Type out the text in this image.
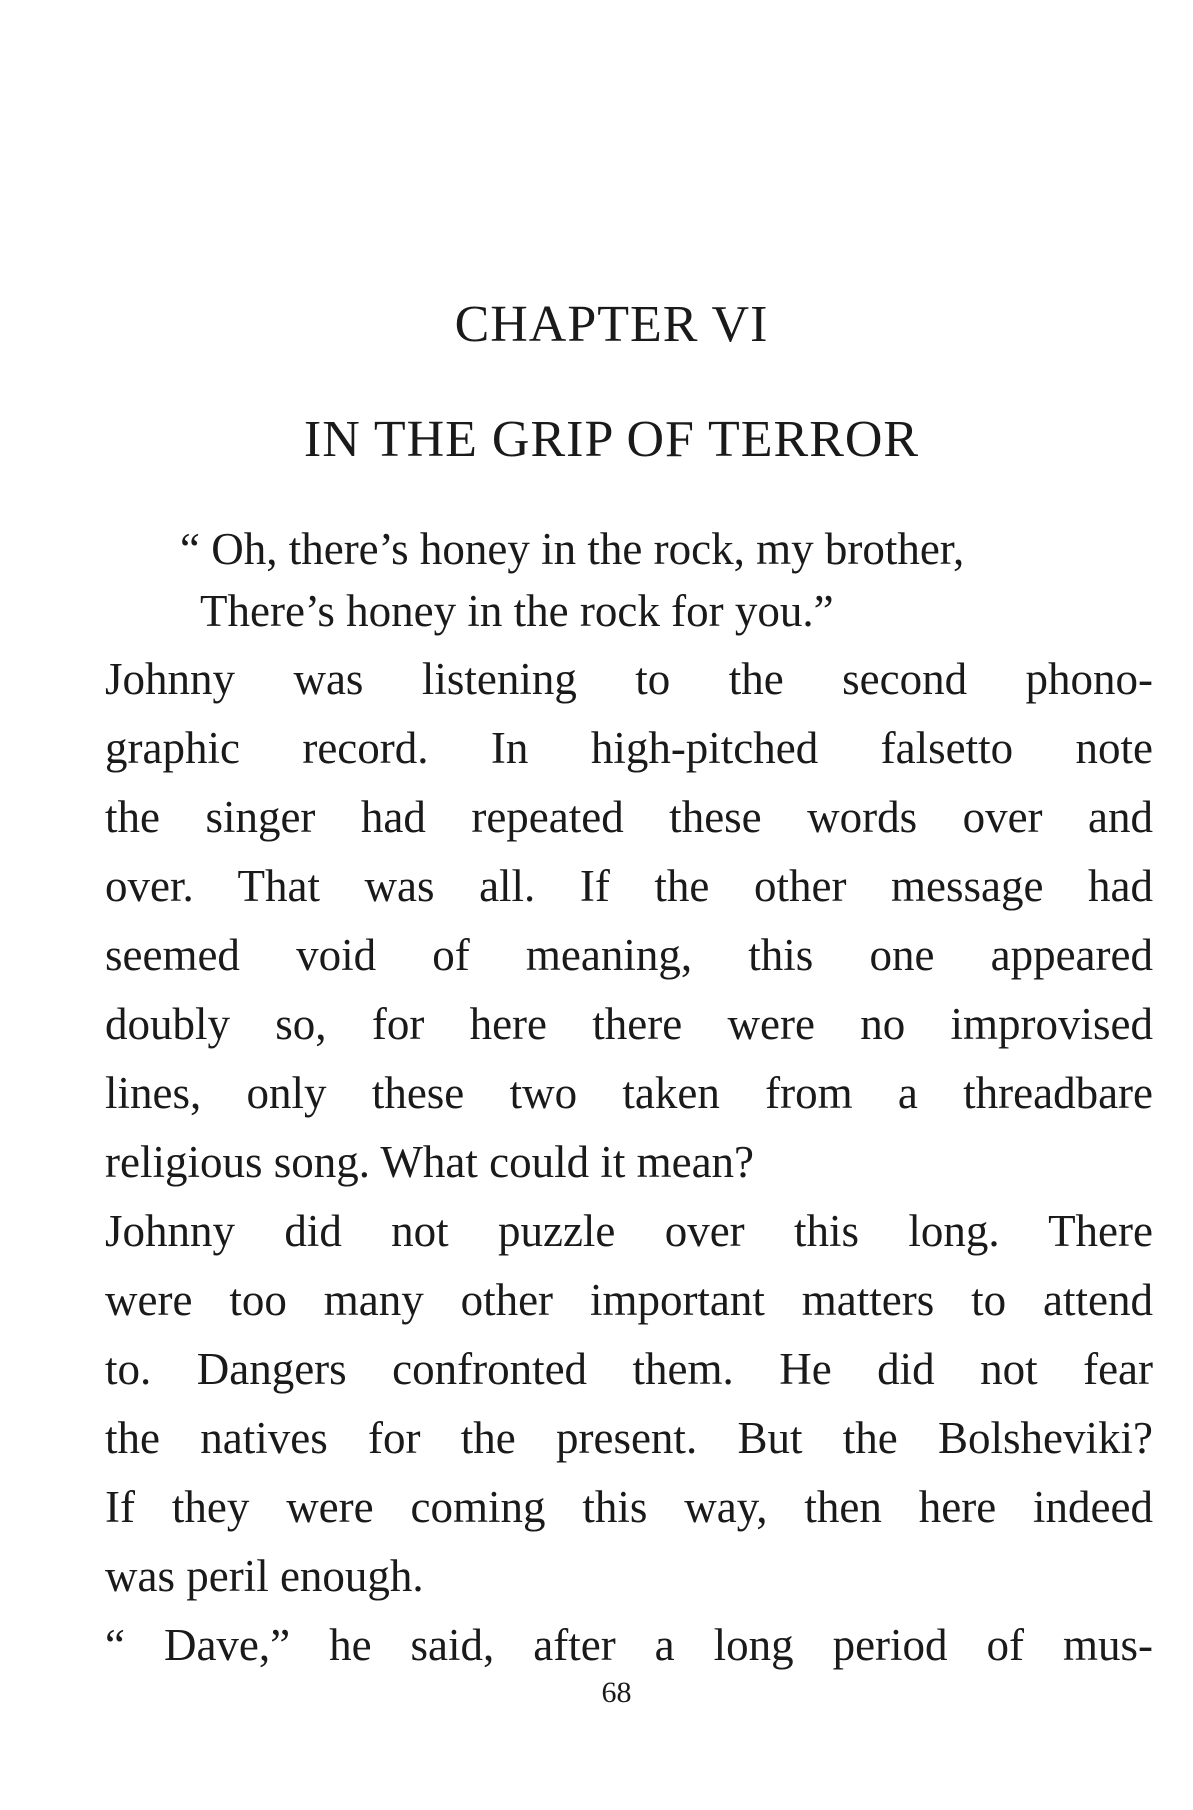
CHAPTER VI
IN THE GRIP OF TERROR
“ Oh, there’s honey in the rock, my brother,
There’s honey in the rock for you.”
Johnny was listening to the second phono-
graphic record. In high-pitched falsetto note
the singer had repeated these words over and
over. That was all. If the other message had
seemed void of meaning, this one appeared
doubly so, for here there were no improvised
lines, only these two taken from a threadbare
religious song. What could it mean?
Johnny did not puzzle over this long. There
were too many other important matters to attend
to. Dangers confronted them. He did not fear
the natives for the present. But the Bolsheviki?
If they were coming this way, then here indeed
was peril enough.
“ Dave,” he said, after a long period of mus-
68
